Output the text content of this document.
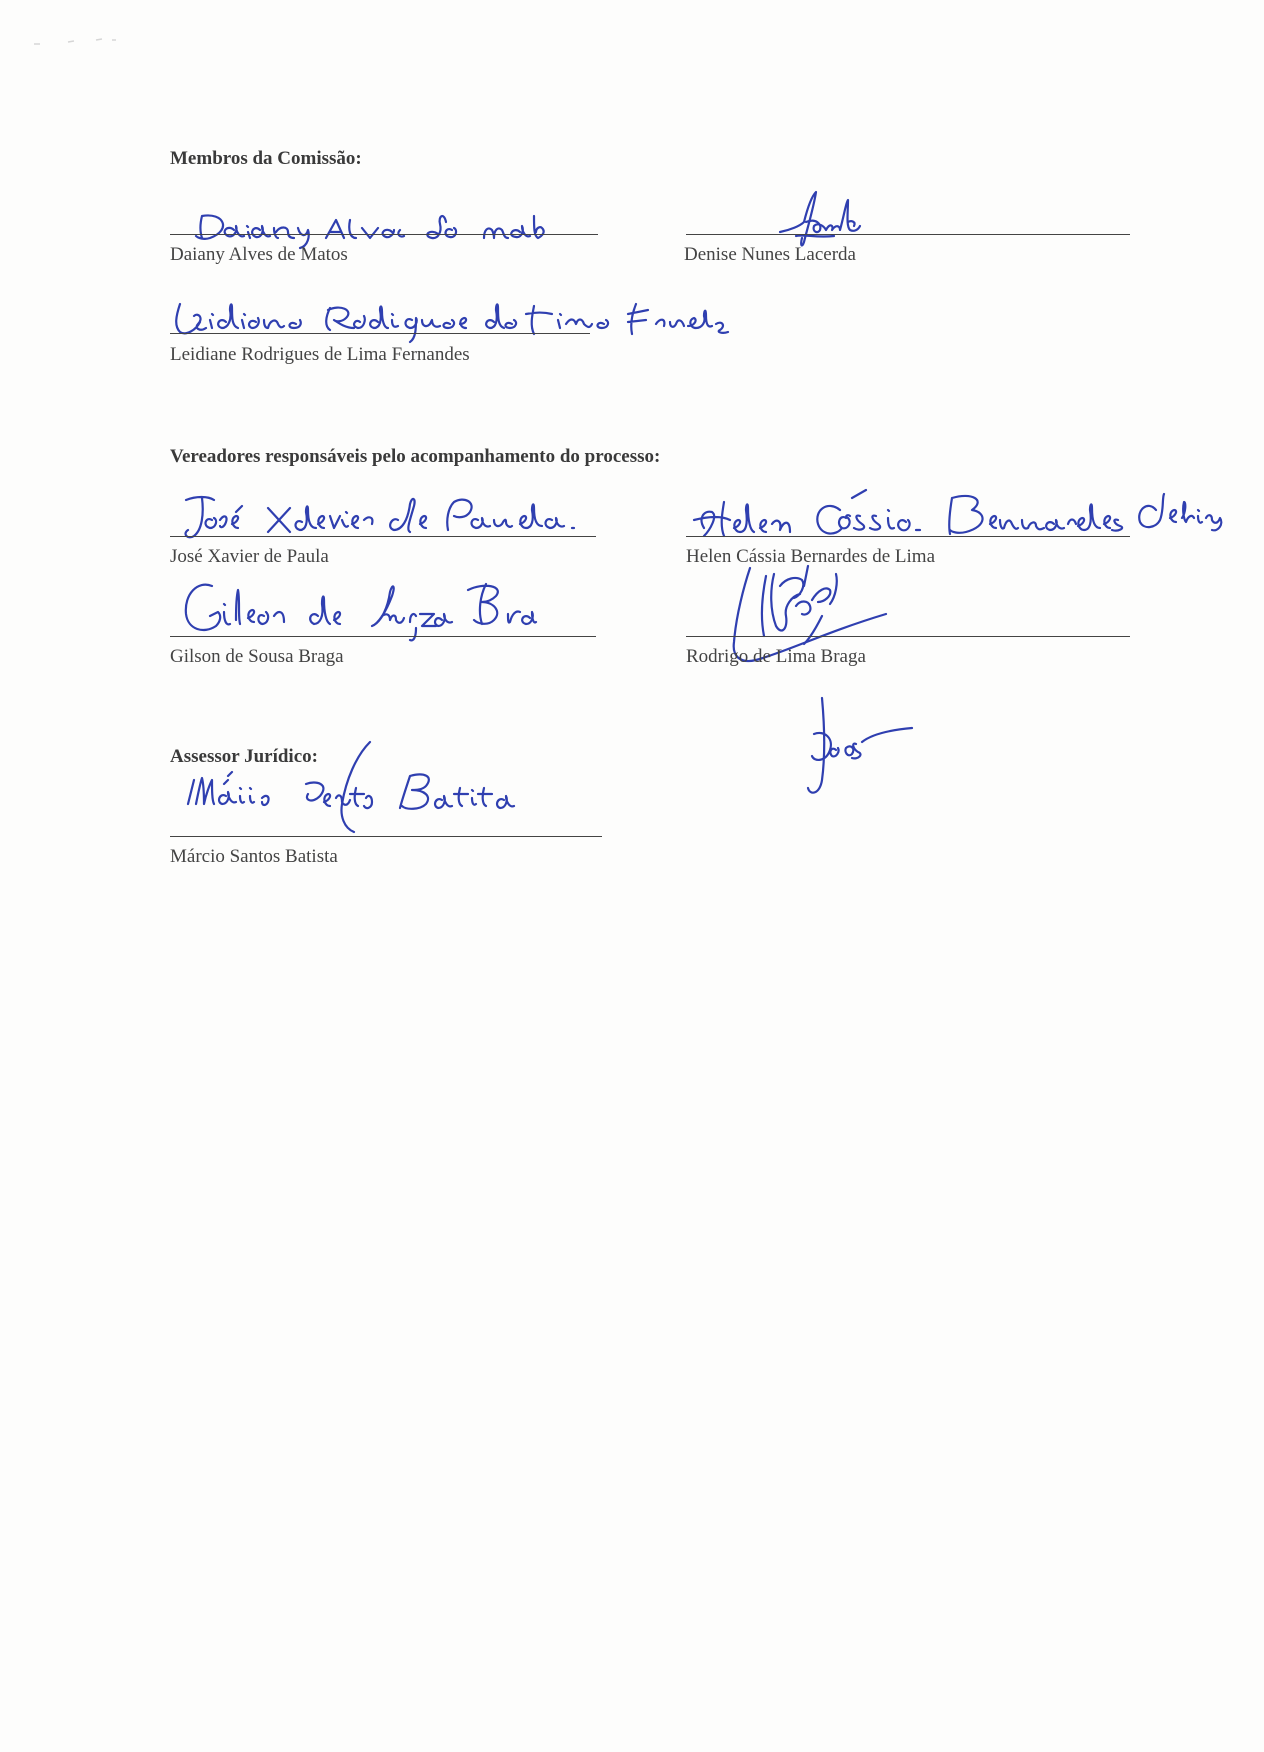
Membros da Comissão:
Daiany Alves de Matos	Denise Nunes Lacerda
Leidiane Rodrigues de Lima Fernandes
Vereadores responsáveis pelo acompanhamento do processo:
José Xavier de Paula	Helen Cássia Bernardes de Lima
Gilson de Sousa Braga	Rodrigo de Lima Braga
Assessor Jurídico:
Márcio Santos Batista
